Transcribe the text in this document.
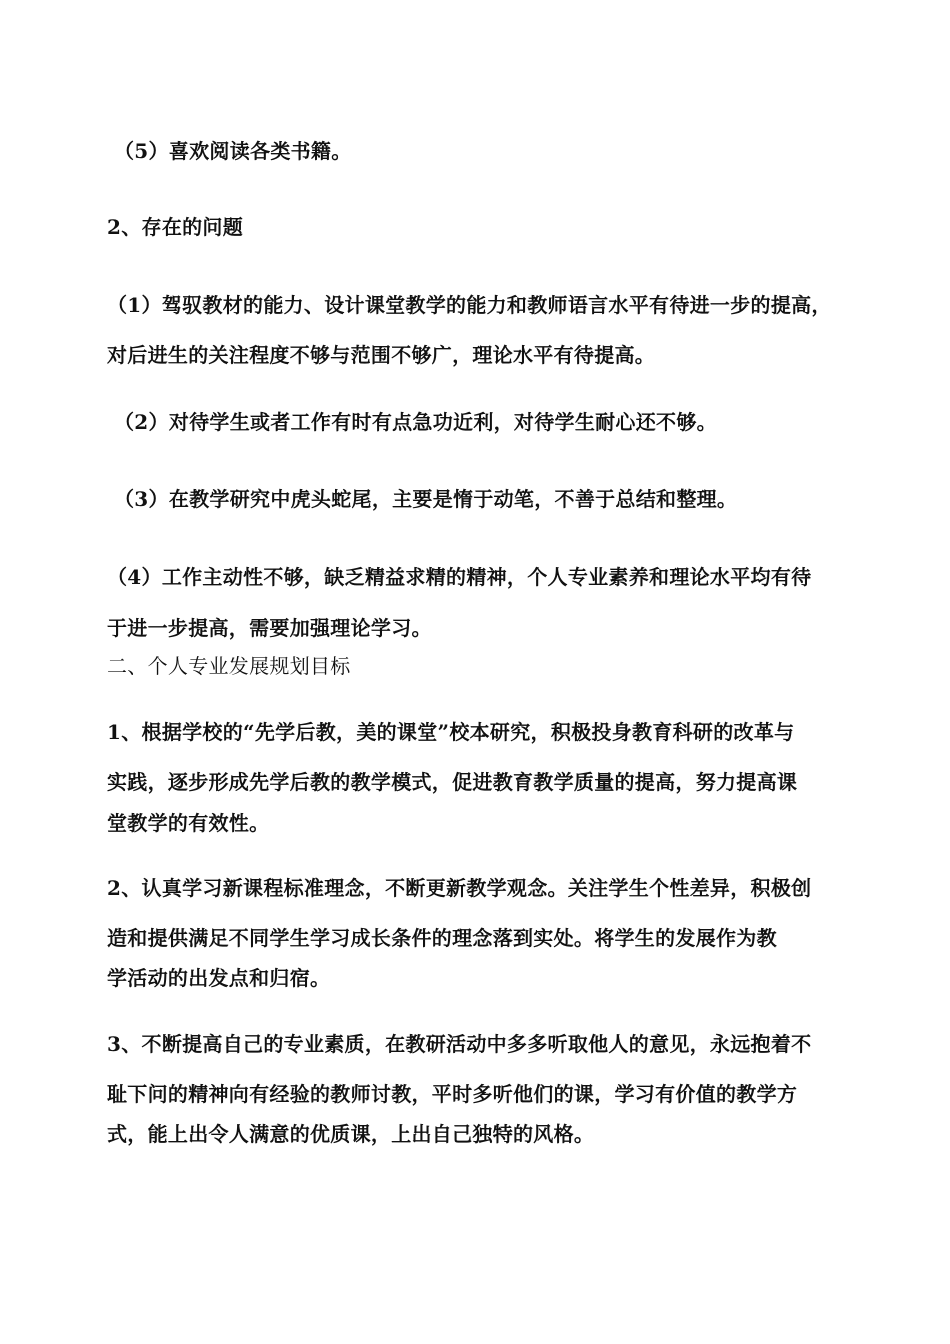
（5）喜欢阅读各类书籍。

2、存在的问题

（1）驾驭教材的能力、设计课堂教学的能力和教师语言水平有待进一步的提高，

对后进生的关注程度不够与范围不够广，理论水平有待提高。

（2）对待学生或者工作有时有点急功近利，对待学生耐心还不够。

（3）在教学研究中虎头蛇尾，主要是惰于动笔，不善于总结和整理。

（4）工作主动性不够，缺乏精益求精的精神，个人专业素养和理论水平均有待

于进一步提高，需要加强理论学习。

二、个人专业发展规划目标

1、根据学校的“先学后教，美的课堂”校本研究，积极投身教育科研的改革与

实践，逐步形成先学后教的教学模式，促进教育教学质量的提高，努力提高课

堂教学的有效性。

2、认真学习新课程标准理念，不断更新教学观念。关注学生个性差异，积极创

造和提供满足不同学生学习成长条件的理念落到实处。将学生的发展作为教

学活动的出发点和归宿。

3、不断提高自己的专业素质，在教研活动中多多听取他人的意见，永远抱着不

耻下问的精神向有经验的教师讨教，平时多听他们的课，学习有价值的教学方

式，能上出令人满意的优质课，上出自己独特的风格。
